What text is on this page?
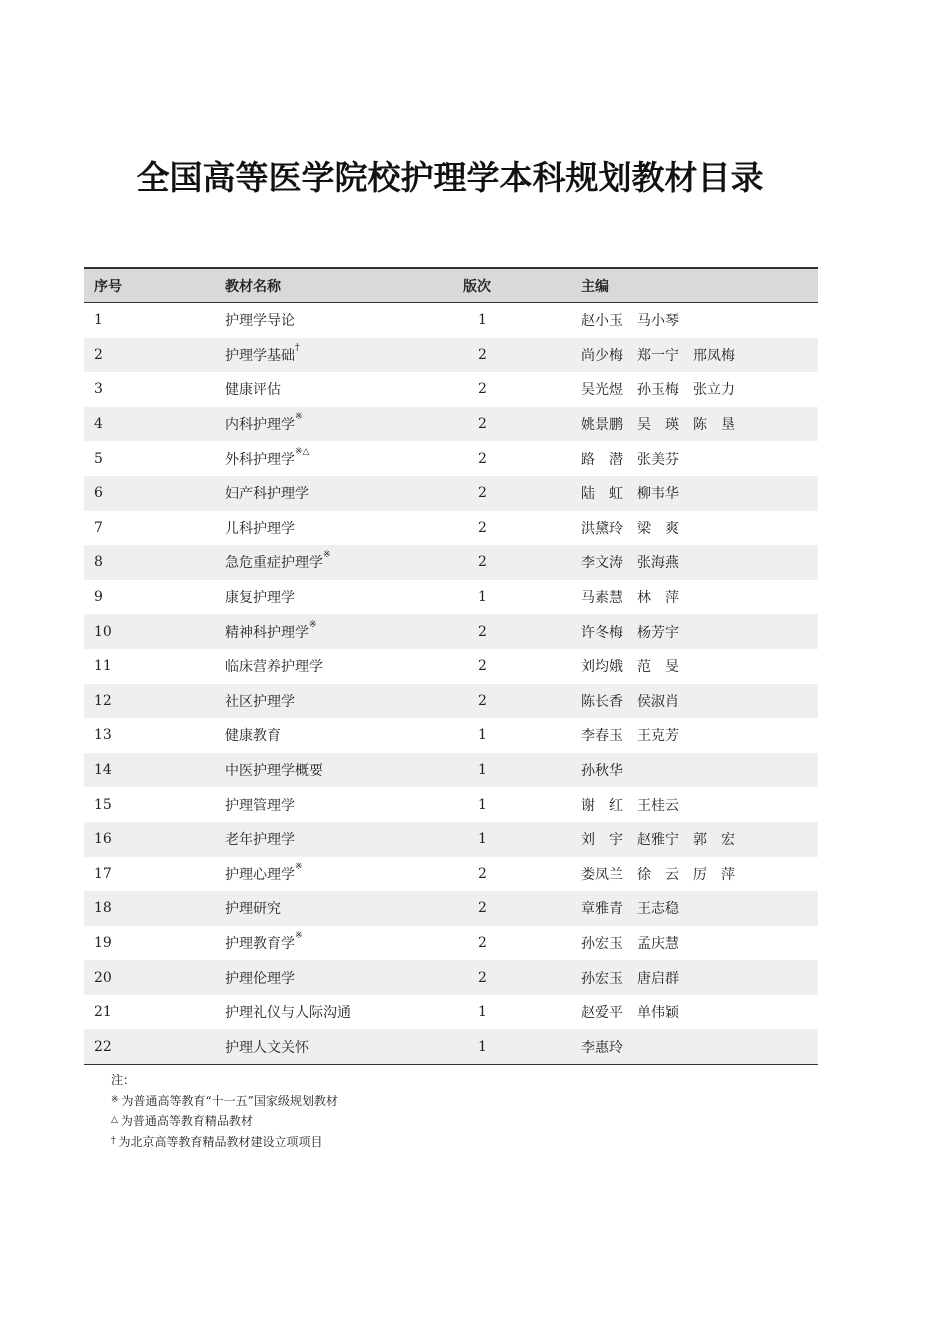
全国高等医学院校护理学本科规划教材目录
序号	教材名称	版次	主编
1	护理学导论	1	赵小玉　马小琴
2	护理学基础†	2	尚少梅　郑一宁　邢凤梅
3	健康评估	2	吴光煜　孙玉梅　张立力
4	内科护理学※	2	姚景鹏　吴　瑛　陈　垦
5	外科护理学※△	2	路　潜　张美芬
6	妇产科护理学	2	陆　虹　柳韦华
7	儿科护理学	2	洪黛玲　梁　爽
8	急危重症护理学※	2	李文涛　张海燕
9	康复护理学	1	马素慧　林　萍
10	精神科护理学※	2	许冬梅　杨芳宇
11	临床营养护理学	2	刘均娥　范　旻
12	社区护理学	2	陈长香　侯淑肖
13	健康教育	1	李春玉　王克芳
14	中医护理学概要	1	孙秋华
15	护理管理学	1	谢　红　王桂云
16	老年护理学	1	刘　宇　赵雅宁　郭　宏
17	护理心理学※	2	娄凤兰　徐　云　厉　萍
18	护理研究	2	章雅青　王志稳
19	护理教育学※	2	孙宏玉　孟庆慧
20	护理伦理学	2	孙宏玉　唐启群
21	护理礼仪与人际沟通	1	赵爱平　单伟颖
22	护理人文关怀	1	李惠玲
注：
※ 为普通高等教育“十一五”国家级规划教材
△ 为普通高等教育精品教材
† 为北京高等教育精品教材建设立项项目
